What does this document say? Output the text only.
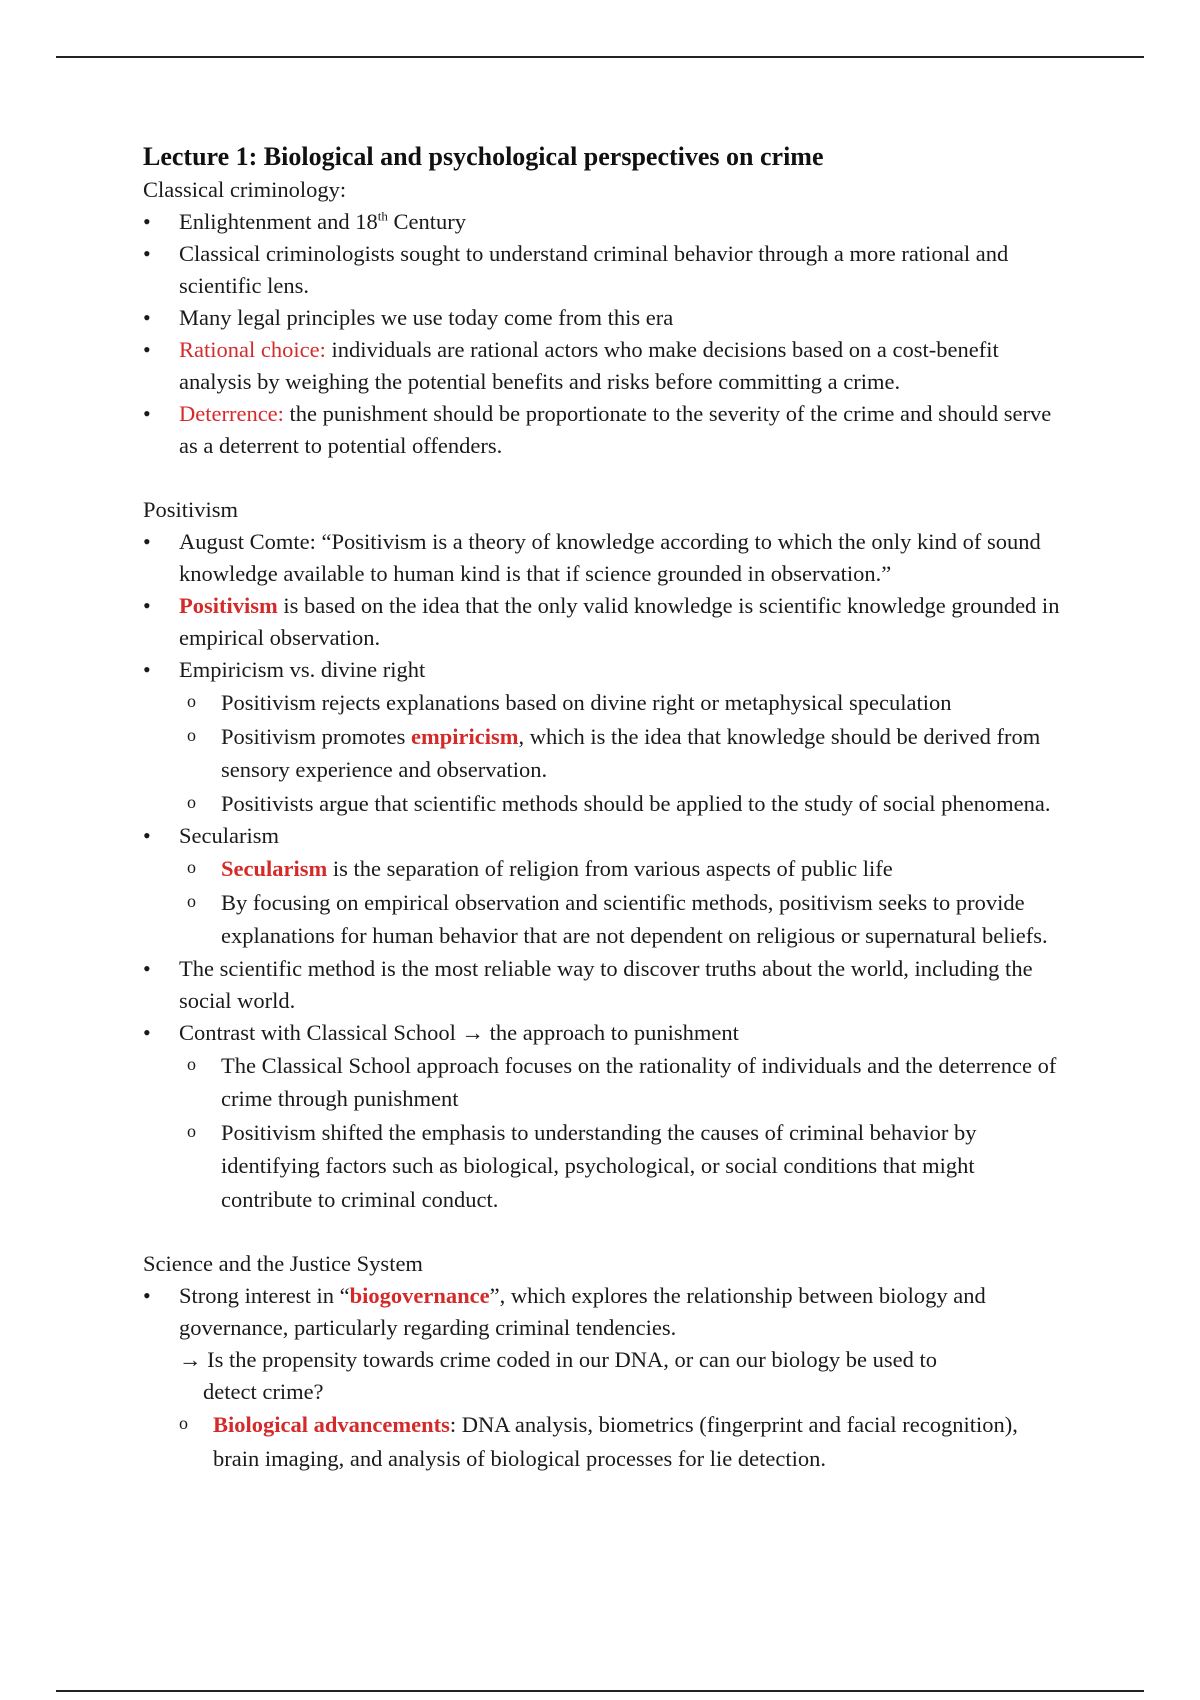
Lecture 1: Biological and psychological perspectives on crime

Classical criminology:

• Enlightenment and 18th Century
• Classical criminologists sought to understand criminal behavior through a more rational and scientific lens.
• Many legal principles we use today come from this era
• Rational choice: individuals are rational actors who make decisions based on a cost-benefit analysis by weighing the potential benefits and risks before committing a crime.
• Deterrence: the punishment should be proportionate to the severity of the crime and should serve as a deterrent to potential offenders.

Positivism

• August Comte: “Positivism is a theory of knowledge according to which the only kind of sound knowledge available to human kind is that if science grounded in observation.”
• Positivism is based on the idea that the only valid knowledge is scientific knowledge grounded in empirical observation.
• Empiricism vs. divine right
o Positivism rejects explanations based on divine right or metaphysical speculation
o Positivism promotes empiricism, which is the idea that knowledge should be derived from sensory experience and observation.
o Positivists argue that scientific methods should be applied to the study of social phenomena.
• Secularism
o Secularism is the separation of religion from various aspects of public life
o By focusing on empirical observation and scientific methods, positivism seeks to provide explanations for human behavior that are not dependent on religious or supernatural beliefs.
• The scientific method is the most reliable way to discover truths about the world, including the social world.
• Contrast with Classical School → the approach to punishment
o The Classical School approach focuses on the rationality of individuals and the deterrence of crime through punishment
o Positivism shifted the emphasis to understanding the causes of criminal behavior by identifying factors such as biological, psychological, or social conditions that might contribute to criminal conduct.

Science and the Justice System

• Strong interest in “biogovernance”, which explores the relationship between biology and governance, particularly regarding criminal tendencies.
→ Is the propensity towards crime coded in our DNA, or can our biology be used to
detect crime?
o Biological advancements: DNA analysis, biometrics (fingerprint and facial recognition), brain imaging, and analysis of biological processes for lie detection.
